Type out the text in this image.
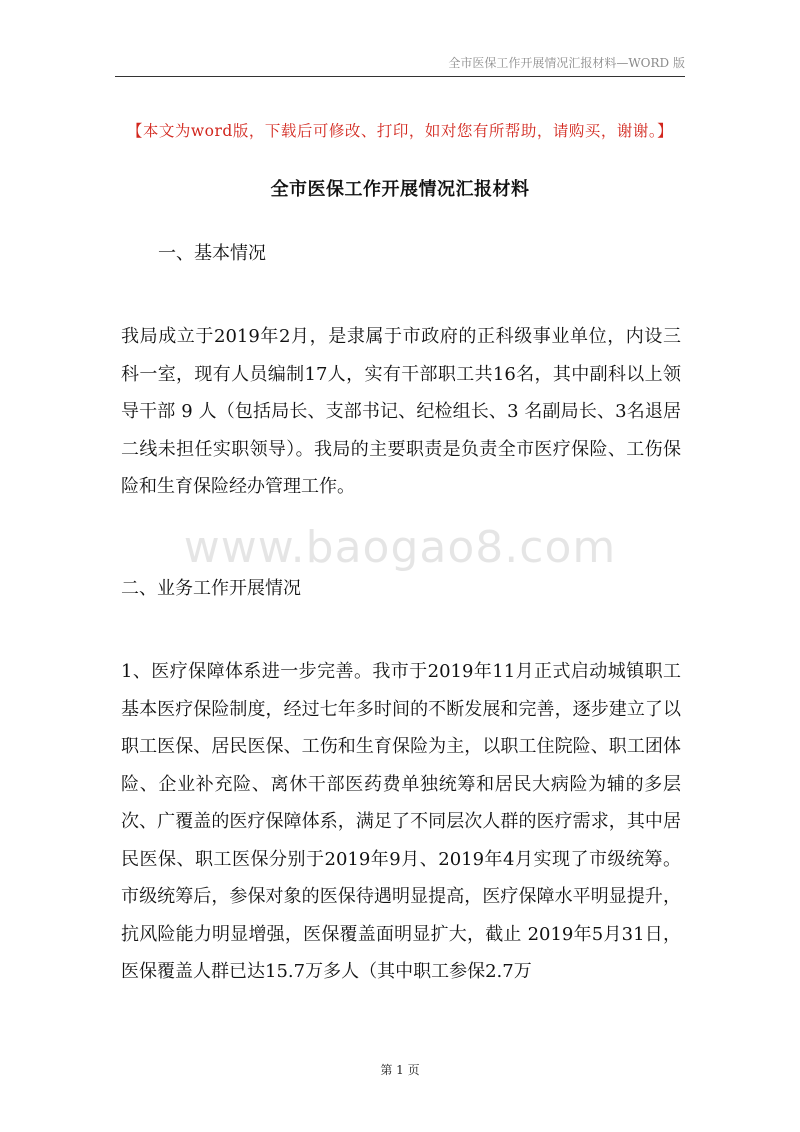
全市医保工作开展情况汇报材料—WORD 版
【本文为word版，下载后可修改、打印，如对您有所帮助，请购买，谢谢。】
全市医保工作开展情况汇报材料
一、基本情况
我局成立于2019年2月，是隶属于市政府的正科级事业单位，内设三科一室，现有人员编制17人，实有干部职工共16名，其中副科以上领导干部 9 人（包括局长、支部书记、纪检组长、3 名副局长、3名退居二线未担任实职领导）。我局的主要职责是负责全市医疗保险、工伤保险和生育保险经办管理工作。
www.baogao8.com
二、业务工作开展情况
1、医疗保障体系进一步完善。我市于2019年11月正式启动城镇职工基本医疗保险制度，经过七年多时间的不断发展和完善，逐步建立了以职工医保、居民医保、工伤和生育保险为主，以职工住院险、职工团体险、企业补充险、离休干部医药费单独统筹和居民大病险为辅的多层次、广覆盖的医疗保障体系，满足了不同层次人群的医疗需求，其中居民医保、职工医保分别于2019年9月、2019年4月实现了市级统筹。市级统筹后，参保对象的医保待遇明显提高，医疗保障水平明显提升，抗风险能力明显增强，医保覆盖面明显扩大，截止 2019年5月31日，医保覆盖人群已达15.7万多人（其中职工参保2.7万
第 1 页
